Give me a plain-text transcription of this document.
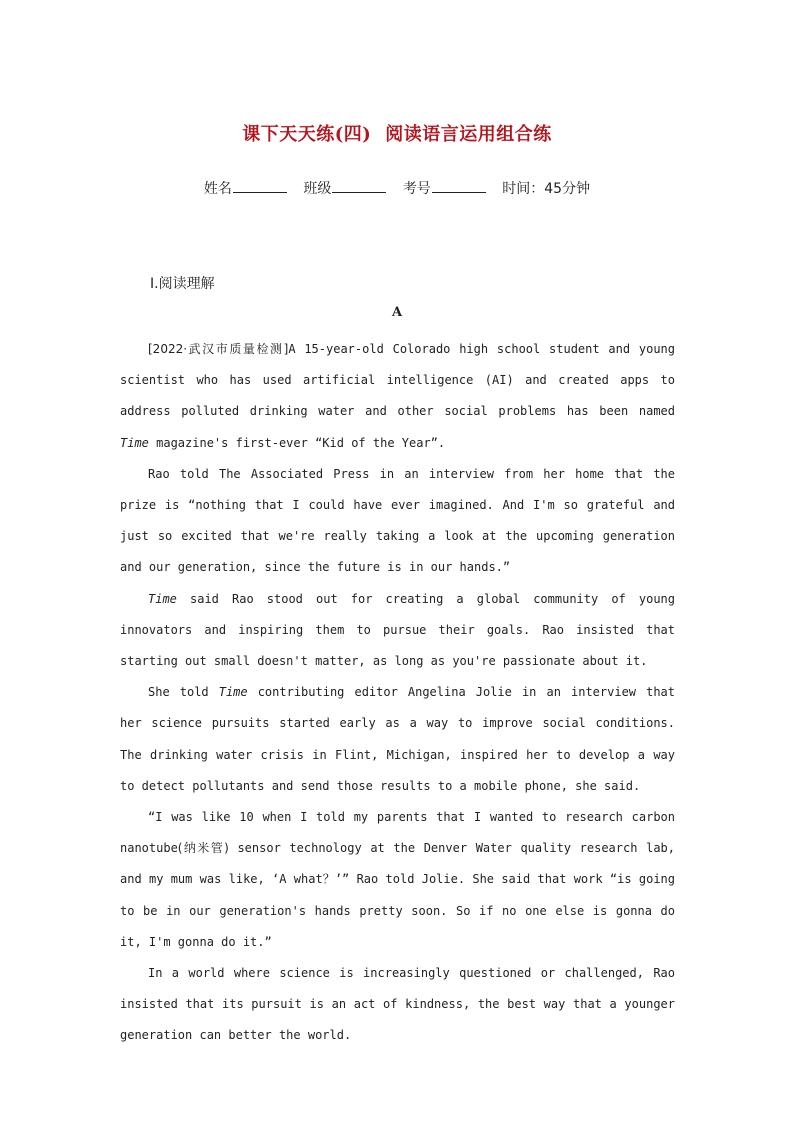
课下天天练(四) 阅读语言运用组合练
姓名	班级	考号	时间：45分钟
Ⅰ.阅读理解
A

[2022·武汉市质量检测]A 15-year-old Colorado high school student and young scientist who has used artificial intelligence (AI) and created apps to address polluted drinking water and other social problems has been named Time magazine's first-ever “Kid of the Year”.

Rao told The Associated Press in an interview from her home that the prize is “nothing that I could have ever imagined. And I'm so grateful and just so excited that we're really taking a look at the upcoming generation and our generation, since the future is in our hands.”

Time said Rao stood out for creating a global community of young innovators and inspiring them to pursue their goals. Rao insisted that starting out small doesn't matter, as long as you're passionate about it.

She told Time contributing editor Angelina Jolie in an interview that her science pursuits started early as a way to improve social conditions. The drinking water crisis in Flint, Michigan, inspired her to develop a way to detect pollutants and send those results to a mobile phone, she said.

“I was like 10 when I told my parents that I wanted to research carbon nanotube(纳米管) sensor technology at the Denver Water quality research lab, and my mum was like, ‘A what？’” Rao told Jolie. She said that work “is going to be in our generation's hands pretty soon. So if no one else is gonna do it, I'm gonna do it.”

In a world where science is increasingly questioned or challenged, Rao insisted that its pursuit is an act of kindness, the best way that a younger generation can better the world.
